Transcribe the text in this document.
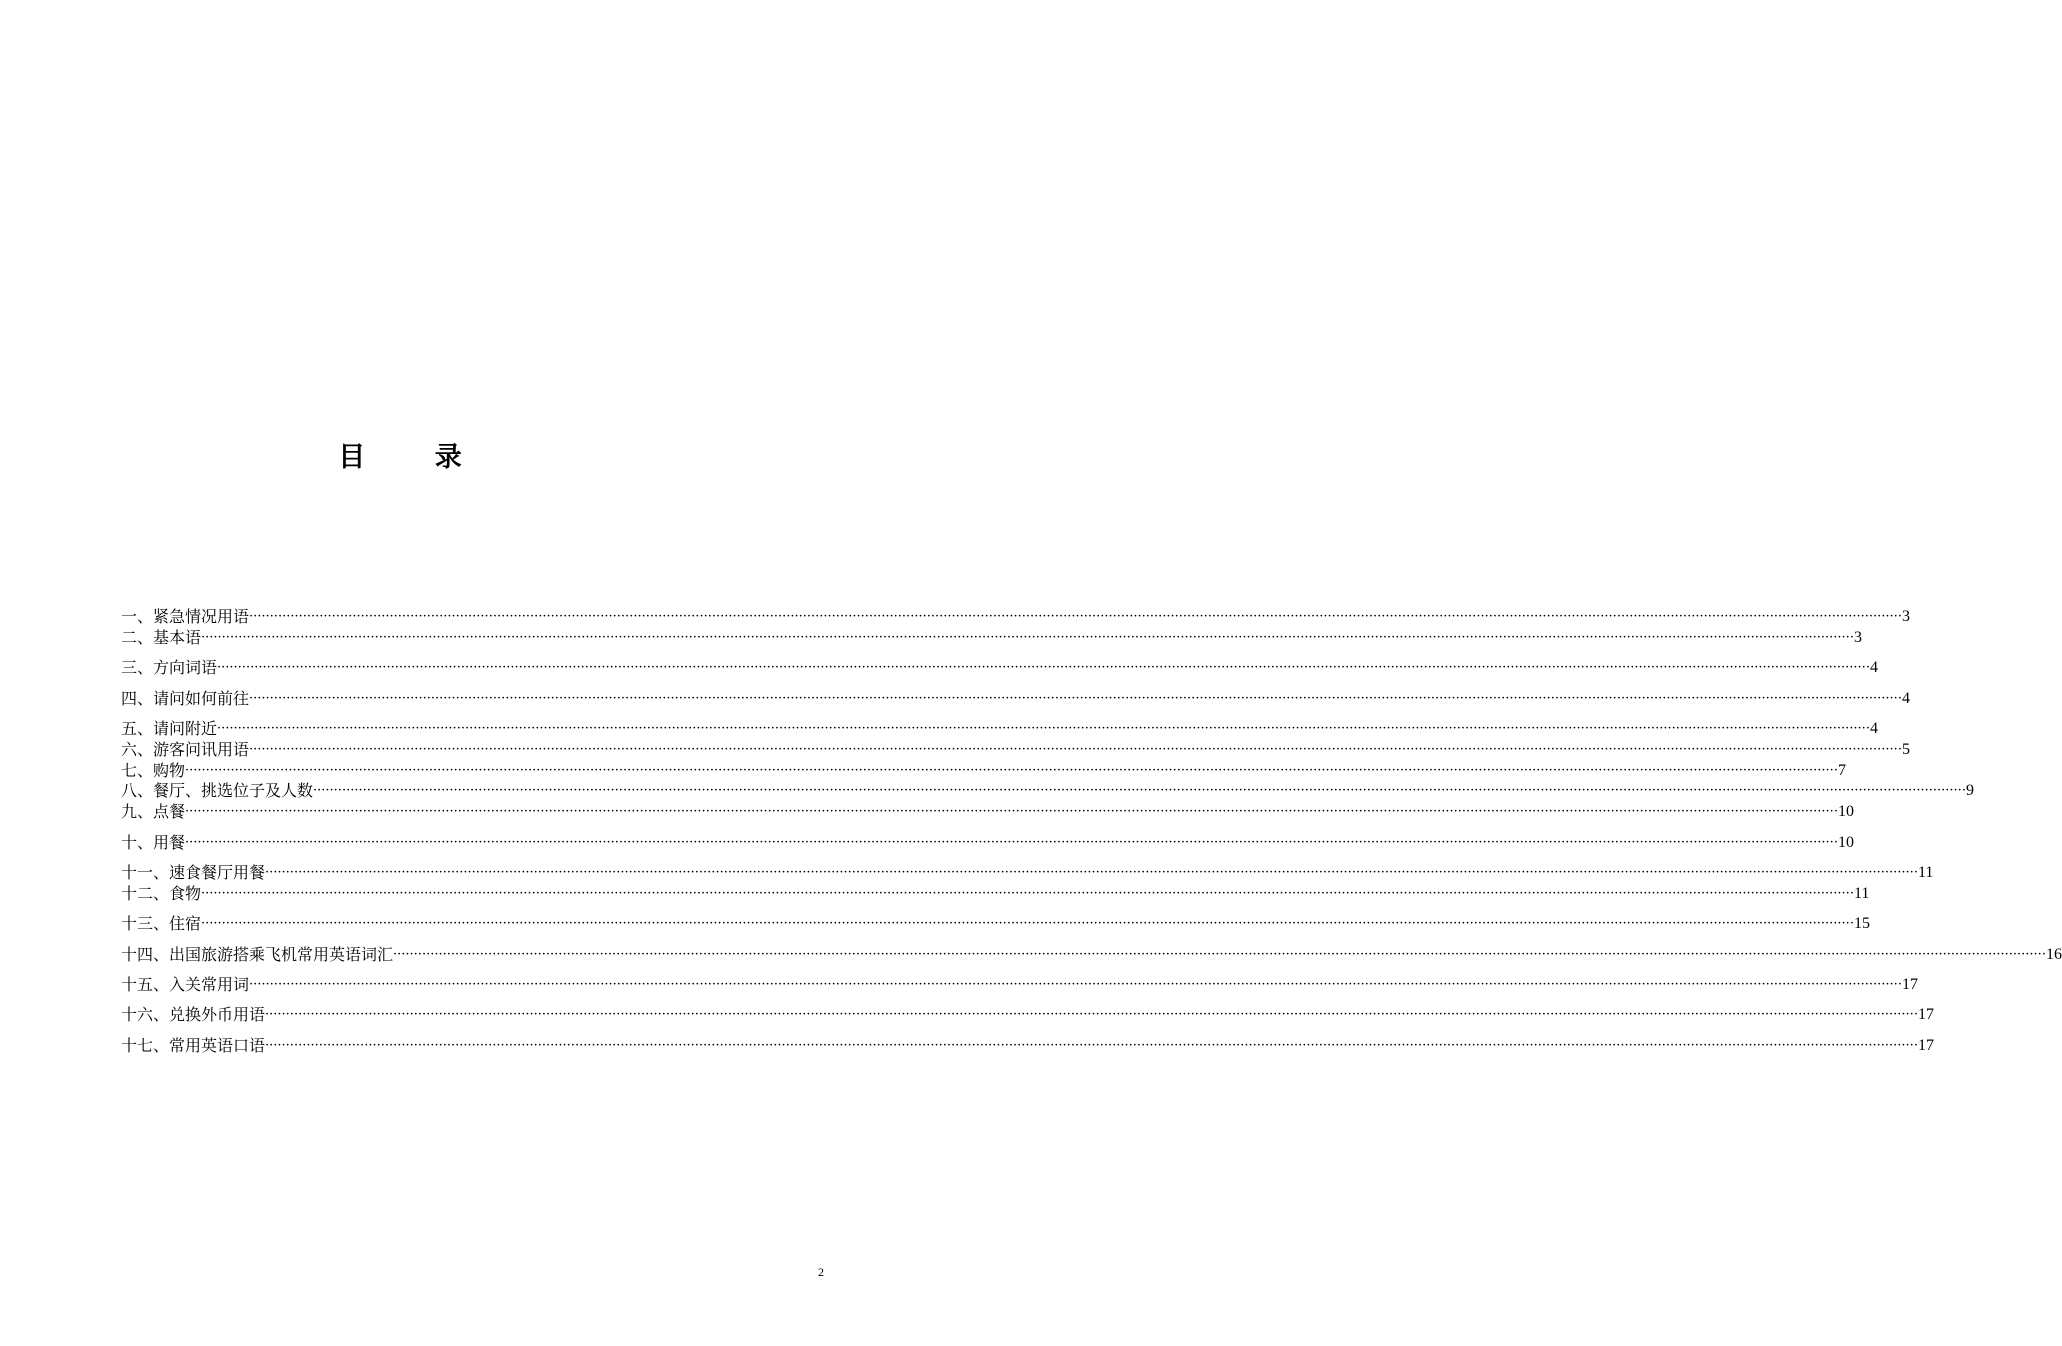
目 录
一、紧急情况用语 ················································································································································································································································································································································································································ 3
二、基本语 ················································································································································································································································································································································································································ 3
三、方向词语 ················································································································································································································································································································································································································ 4
四、请问如何前往 ················································································································································································································································································································································································································ 4
五、请问附近 ················································································································································································································································································································································································································ 4
六、游客问讯用语 ················································································································································································································································································································································································································ 5
七、购物 ················································································································································································································································································································································································································ 7
八、餐厅、挑选位子及人数 ················································································································································································································································································································································································································ 9
九、点餐 ················································································································································································································································································································································································································ 10
十、用餐 ················································································································································································································································································································································································································ 10
十一、速食餐厅用餐 ················································································································································································································································································································································································································ 11
十二、食物 ················································································································································································································································································································································································································ 11
十三、住宿 ················································································································································································································································································································································································································ 15
十四、出国旅游搭乘飞机常用英语词汇 ················································································································································································································································································································································································································ 16
十五、入关常用词 ················································································································································································································································································································································································································ 17
十六、兑换外币用语 ················································································································································································································································································································································································································ 17
十七、常用英语口语 ················································································································································································································································································································································································································ 17
2
